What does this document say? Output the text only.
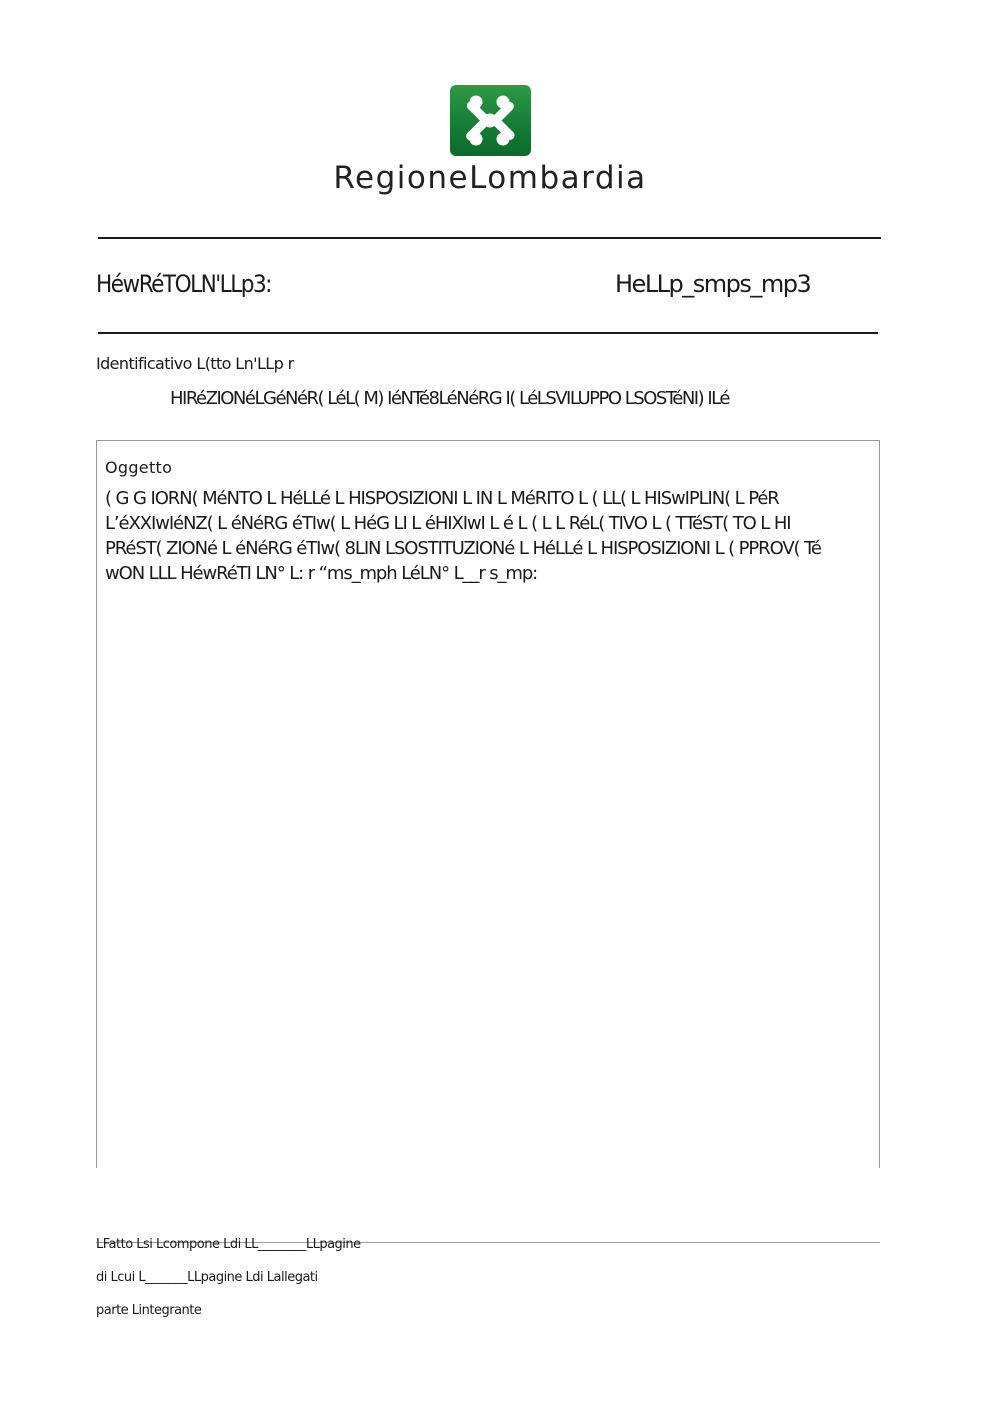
RegioneLombardia
HéwRéTOLN'LLp3:	HeLLp_smps_mp3
Identificativo L(tto Ln'LLp r
HIRéZIONéLGéNéR( LéL( M) IéNTé8LéNéRG I( LéLSVILUPPO LSOSTéNI) ILé
Oggetto
( G G IORN( MéNTO L HéLLé L HISPOSIZIONI L IN L MéRITO L ( LL( L HISwIPLIN( L PéR
L’éXXIwIéNZ( L éNéRG éTIw( L HéG LI L éHIXIwI L é L ( L L RéL( TIVO L ( TTéST( TO L HI
PRéST( ZIONé L éNéRG éTIw( 8LIN LSOSTITUZIONé L HéLLé L HISPOSIZIONI L ( PPROV( Té
wON LLL HéwRéTI LN° L: r “ms_mph LéLN° L__r s_mp:
LFatto Lsi Lcompone Ldi LL________LLpagine
di Lcui L_______LLpagine Ldi Lallegati
parte Lintegrante
